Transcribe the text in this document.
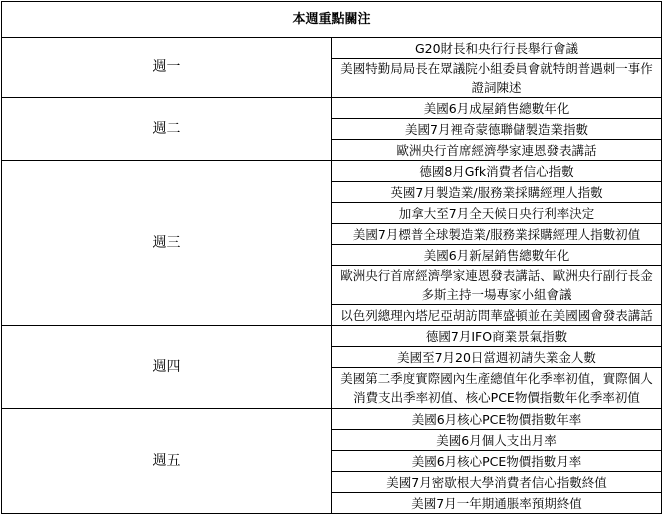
本週重點關注	
週一	G20財長和央行行長舉行會議
	美國特勤局局長在眾議院小組委員會就特朗普遇刺一事作證詞陳述
週二	美國6月成屋銷售總數年化
	美國7月裡奇蒙德聯儲製造業指數
	歐洲央行首席經濟學家連恩發表講話
週三	德國8月Gfk消費者信心指數
	英國7月製造業/服務業採購經理人指數
	加拿大至7月全天候日央行利率決定
	美國7月標普全球製造業/服務業採購經理人指數初值
	美國6月新屋銷售總數年化
	歐洲央行首席經濟學家連恩發表講話、歐洲央行副行長金多斯主持一場專家小組會議
	以色列總理內塔尼亞胡訪問華盛頓並在美國國會發表講話
週四	德國7月IFO商業景氣指數
	美國至7月20日當週初請失業金人數
	美國第二季度實際國內生產總值年化季率初值，實際個人消費支出季率初值、核心PCE物價指數年化季率初值
週五	美國6月核心PCE物價指數年率
	美國6月個人支出月率
	美國6月核心PCE物價指數月率
	美國7月密歇根大學消費者信心指數終值
	美國7月一年期通脹率預期終值
